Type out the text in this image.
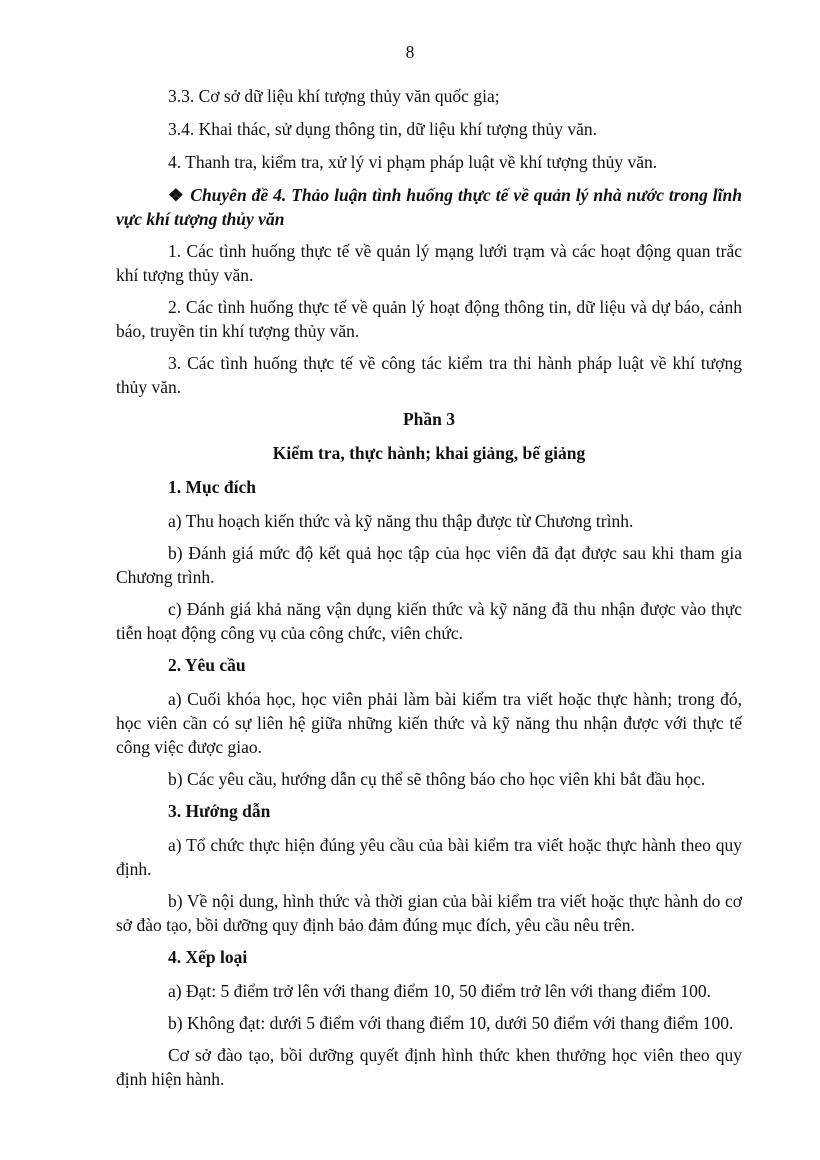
8

3.3. Cơ sở dữ liệu khí tượng thủy văn quốc gia;

3.4. Khai thác, sử dụng thông tin, dữ liệu khí tượng thủy văn.

4. Thanh tra, kiểm tra, xử lý vi phạm pháp luật về khí tượng thủy văn.

❖ Chuyên đề 4. Thảo luận tình huống thực tế về quản lý nhà nước trong lĩnh vực khí tượng thủy văn

1. Các tình huống thực tế về quản lý mạng lưới trạm và các hoạt động quan trắc khí tượng thủy văn.

2. Các tình huống thực tế về quản lý hoạt động thông tin, dữ liệu và dự báo, cảnh báo, truyền tin khí tượng thủy văn.

3. Các tình huống thực tế về công tác kiểm tra thi hành pháp luật về khí tượng thủy văn.

Phần 3

Kiểm tra, thực hành; khai giảng, bế giảng

1. Mục đích

a) Thu hoạch kiến thức và kỹ năng thu thập được từ Chương trình.

b) Đánh giá mức độ kết quả học tập của học viên đã đạt được sau khi tham gia Chương trình.

c) Đánh giá khả năng vận dụng kiến thức và kỹ năng đã thu nhận được vào thực tiễn hoạt động công vụ của công chức, viên chức.

2. Yêu cầu

a) Cuối khóa học, học viên phải làm bài kiểm tra viết hoặc thực hành; trong đó, học viên cần có sự liên hệ giữa những kiến thức và kỹ năng thu nhận được với thực tế công việc được giao.

b) Các yêu cầu, hướng dẫn cụ thể sẽ thông báo cho học viên khi bắt đầu học.

3. Hướng dẫn

a) Tổ chức thực hiện đúng yêu cầu của bài kiểm tra viết hoặc thực hành theo quy định.

b) Về nội dung, hình thức và thời gian của bài kiểm tra viết hoặc thực hành do cơ sở đào tạo, bồi dưỡng quy định bảo đảm đúng mục đích, yêu cầu nêu trên.

4. Xếp loại

a) Đạt: 5 điểm trở lên với thang điểm 10, 50 điểm trở lên với thang điểm 100.

b) Không đạt: dưới 5 điểm với thang điểm 10, dưới 50 điểm với thang điểm 100.

Cơ sở đào tạo, bồi dưỡng quyết định hình thức khen thưởng học viên theo quy định hiện hành.
